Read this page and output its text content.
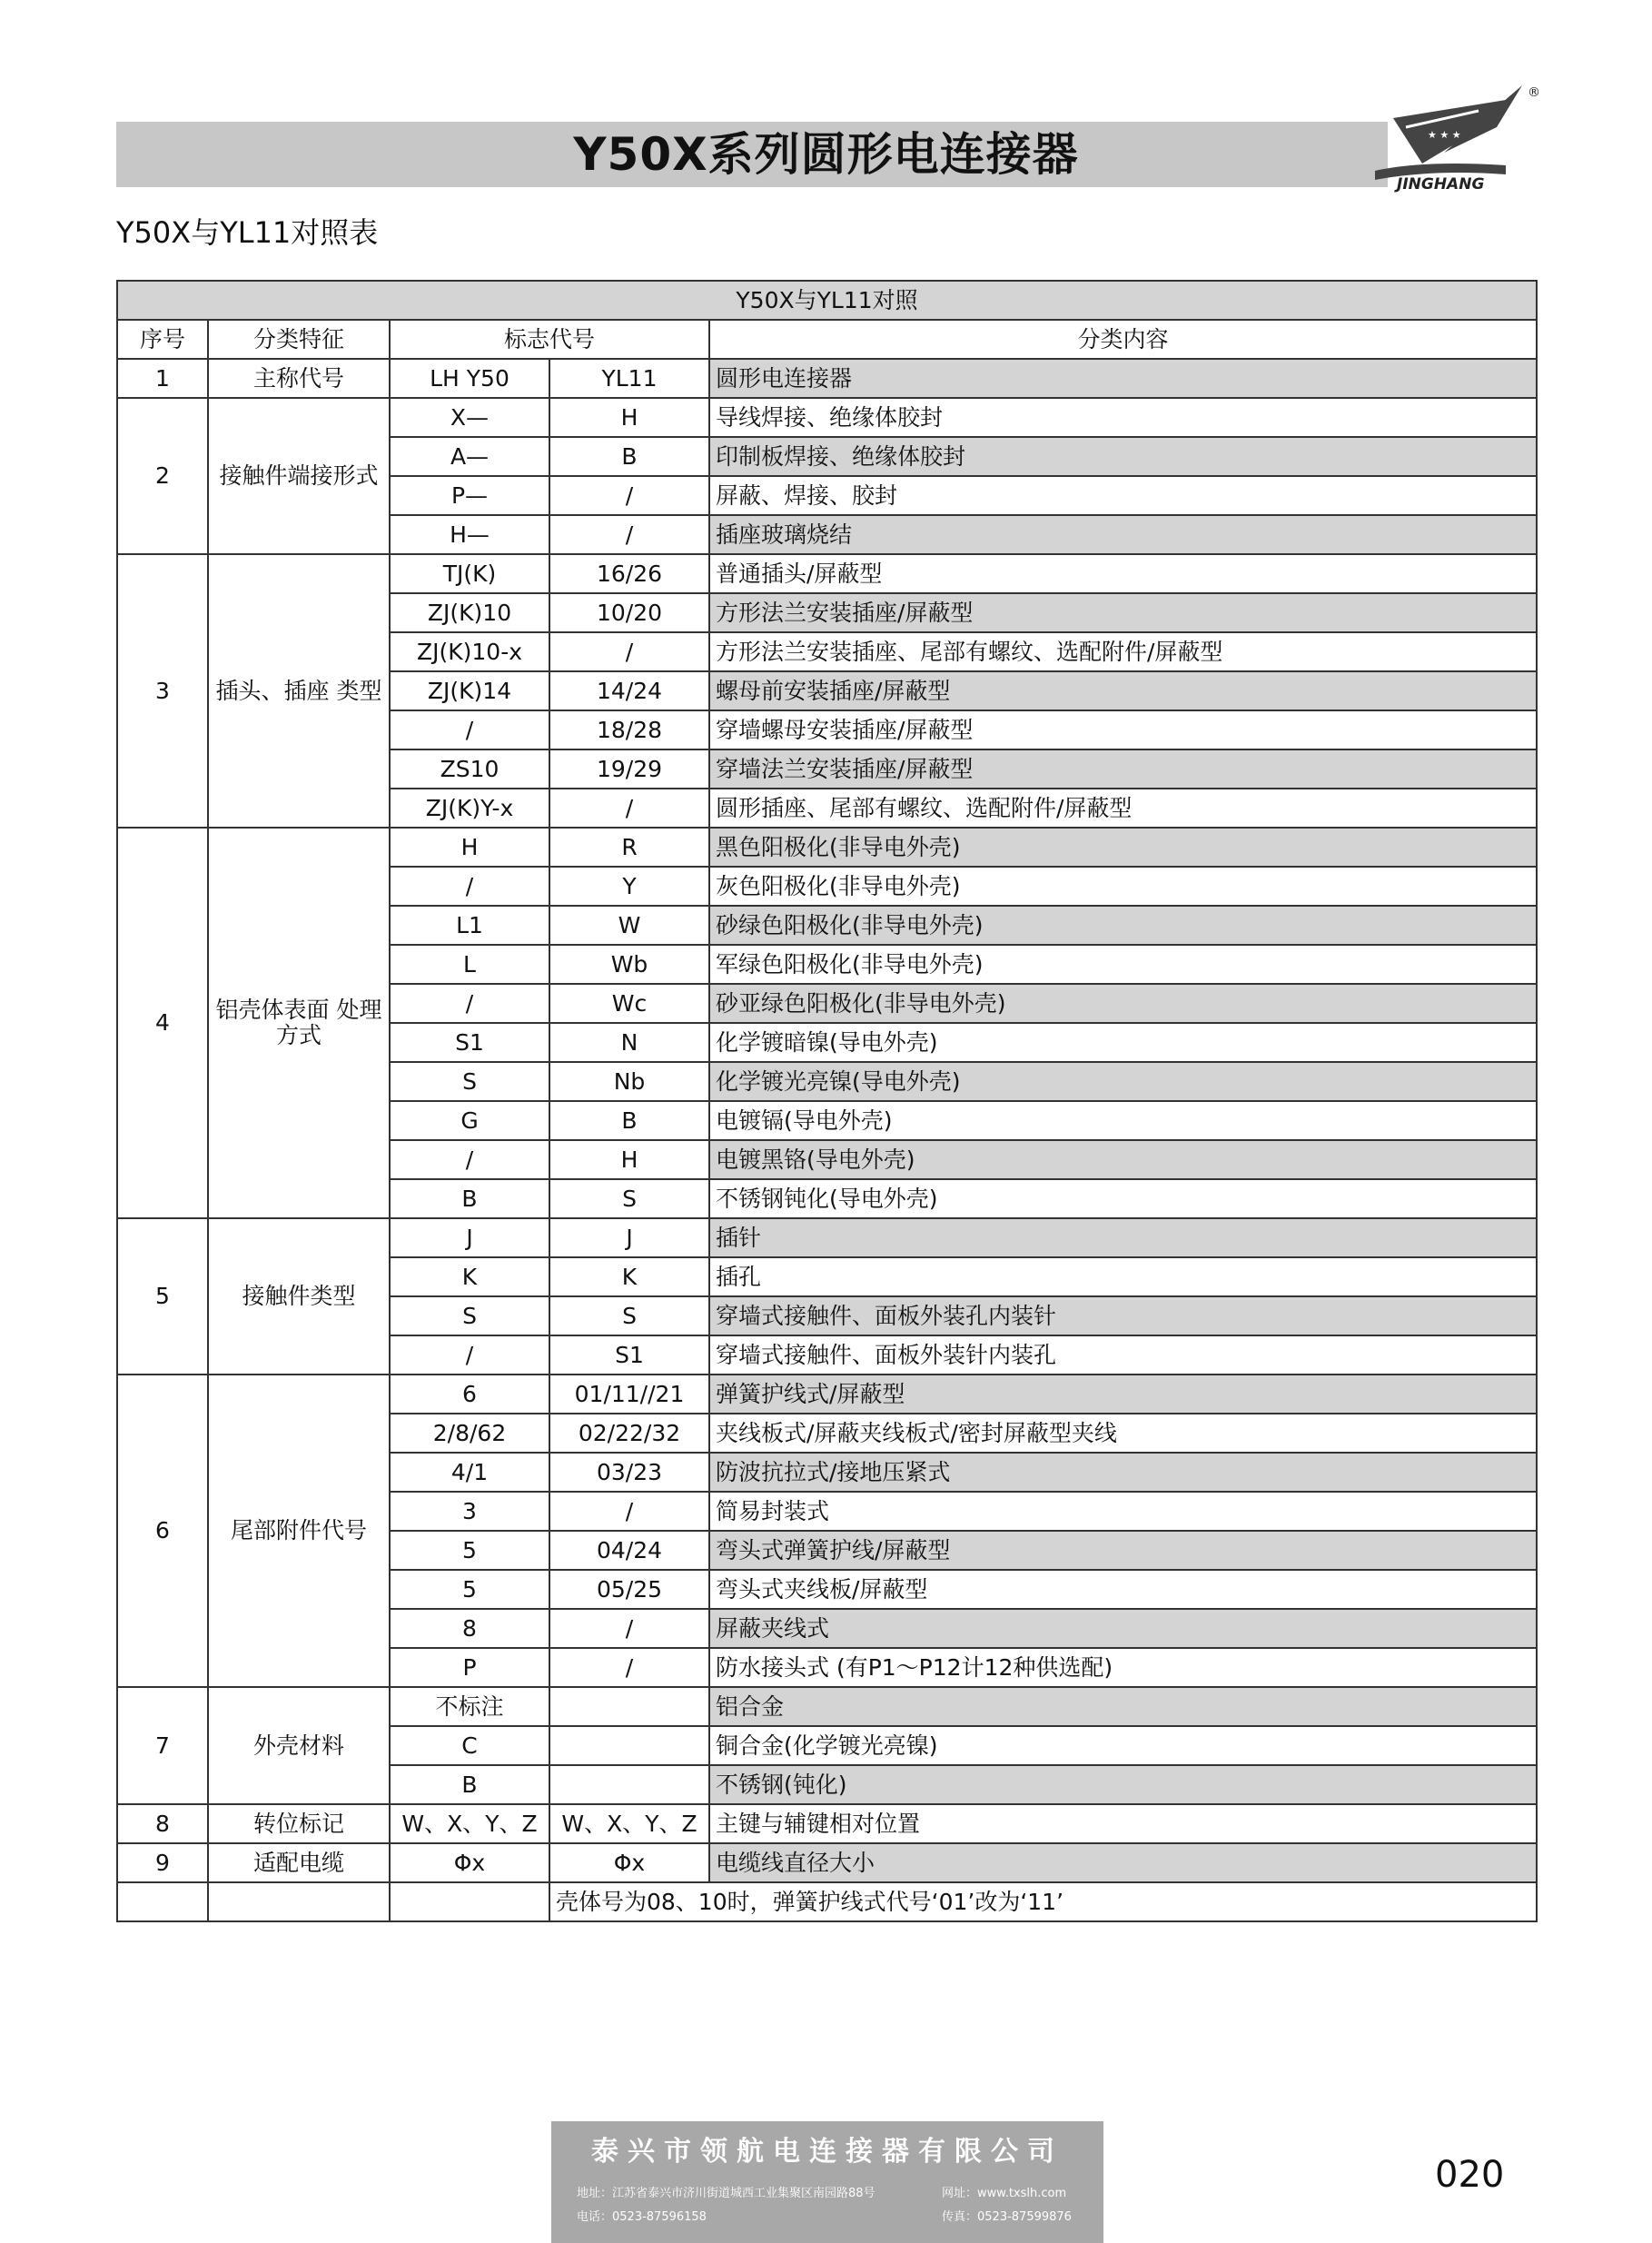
Y50X系列圆形电连接器	★ ★ ★
JINGHANG
®
Y50X与YL11对照表
Y50X与YL11对照				
序号	分类特征	标志代号		分类内容
1	主称代号	LH Y50	YL11	圆形电连接器
2	接触件端接形式	X—	H	导线焊接、绝缘体胶封
		A—	B	印制板焊接、绝缘体胶封
		P—	/	屏蔽、焊接、胶封
		H—	/	插座玻璃烧结
3	插头、插座 类型	TJ(K)	16/26	普通插头/屏蔽型
		ZJ(K)10	10/20	方形法兰安装插座/屏蔽型
		ZJ(K)10-x	/	方形法兰安装插座、尾部有螺纹、选配附件/屏蔽型
		ZJ(K)14	14/24	螺母前安装插座/屏蔽型
		/	18/28	穿墙螺母安装插座/屏蔽型
		ZS10	19/29	穿墙法兰安装插座/屏蔽型
		ZJ(K)Y-x	/	圆形插座、尾部有螺纹、选配附件/屏蔽型
4	铝壳体表面 处理方式	H	R	黑色阳极化(非导电外壳)
		/	Y	灰色阳极化(非导电外壳)
		L1	W	砂绿色阳极化(非导电外壳)
		L	Wb	军绿色阳极化(非导电外壳)
		/	Wc	砂亚绿色阳极化(非导电外壳)
		S1	N	化学镀暗镍(导电外壳)
		S	Nb	化学镀光亮镍(导电外壳)
		G	B	电镀镉(导电外壳)
		/	H	电镀黑铬(导电外壳)
		B	S	不锈钢钝化(导电外壳)
5	接触件类型	J	J	插针
		K	K	插孔
		S	S	穿墙式接触件、面板外装孔内装针
		/	S1	穿墙式接触件、面板外装针内装孔
6	尾部附件代号	6	01/11//21	弹簧护线式/屏蔽型
		2/8/62	02/22/32	夹线板式/屏蔽夹线板式/密封屏蔽型夹线
		4/1	03/23	防波抗拉式/接地压紧式
		3	/	简易封装式
		5	04/24	弯头式弹簧护线/屏蔽型
		5	05/25	弯头式夹线板/屏蔽型
		8	/	屏蔽夹线式
		P	/	防水接头式 (有P1～P12计12种供选配)
7	外壳材料	不标注		铝合金
		C		铜合金(化学镀光亮镍)
		B		不锈钢(钝化)
8	转位标记	W、X、Y、Z	W、X、Y、Z	主键与辅键相对位置
9	适配电缆	Φx	Φx	电缆线直径大小
			壳体号为08、10时，弹簧护线式代号‘01’改为‘11’	
泰兴市领航电连接器有限公司
地址：江苏省泰兴市济川街道城西工业集聚区南园路88号	网址：www.txslh.com
电话：0523-87596158	传真：0523-87599876
020
